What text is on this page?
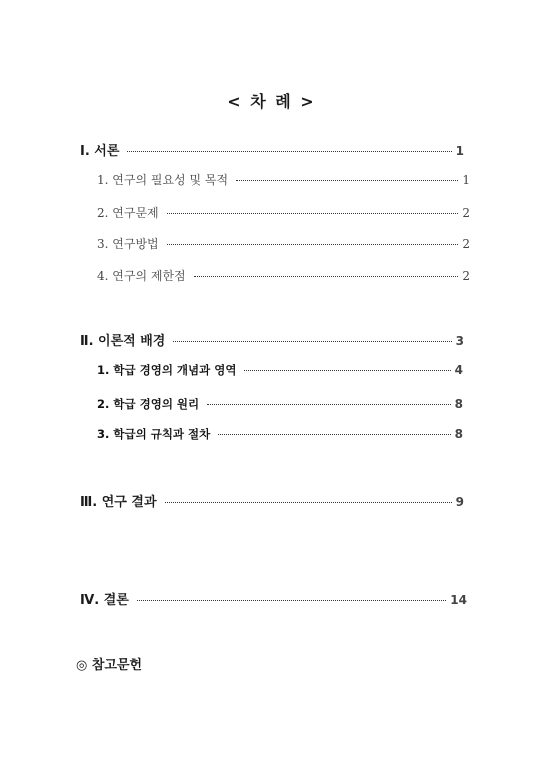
< 차 례 >
Ⅰ. 서론	1
1. 연구의 필요성 및 목적	1
2. 연구문제	2
3. 연구방법	2
4. 연구의 제한점	2
Ⅱ. 이론적 배경	3
1. 학급 경영의 개념과 영역	4
2. 학급 경영의 원리	8
3. 학급의 규칙과 절차	8
Ⅲ. 연구 결과	9
Ⅳ. 결론	14
◎ 참고문헌
